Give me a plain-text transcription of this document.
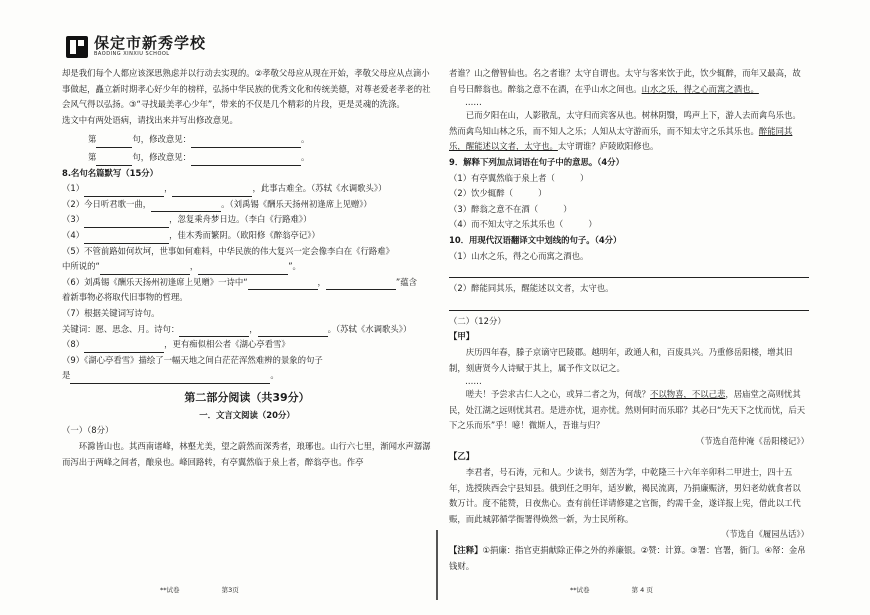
保定市新秀学校
BAODING XINXIU SCHOOL

却是我们每个人都应该深思熟虑并以行动去实现的。②孝敬父母应从现在开始，孝敬父母应从点滴小事做起，矗立新时期孝心好少年的榜样，弘扬中华民族的优秀文化和传统美德，对尊老爱老孝老的社会风气得以弘扬。③“寻找最美孝心少年”，带来的不仅是几个精彩的片段，更是灵魂的洗涤。

选文中有两处语病，请找出来并写出修改意见。

第	句，修改意见：	。

第	句，修改意见：	。

8.名句名篇默写（15分）

（1）	，	，此事古难全。（苏轼《水调歌头》）

（2）今日听君歌一曲，	。（刘禹锡《酬乐天扬州初逢席上见赠》）

（3）	，忽复乘舟梦日边。（李白《行路难》）

（4）	，佳木秀而繁阴。（欧阳修《醉翁亭记》）

（5）不管前路如何坎坷，世事如何难料，中华民族的伟大复兴一定会像李白在《行路难》

中所说的“	，	”。

（6）刘禹锡《酬乐天扬州初逢席上见赠》一诗中“	，	”蕴含

着新事物必将取代旧事物的哲理。

（7）根据关键词写诗句。

关键词：愿、思念、月。诗句：	，	。（苏轼《水调歌头》）

（8）	，更有痴似相公者《湖心亭看雪》

（9）《湖心亭看雪》描绘了一幅天地之间白茫茫浑然难辨的景象的句子

是	。

第二部分阅读（共39分）

一．文言文阅读（20分）

（一）（8分）

环滁皆山也。其西南诸峰，林壑尤美，望之蔚然而深秀者，琅琊也。山行六七里，渐闻水声潺潺而泻出于两峰之间者，酿泉也。峰回路转，有亭翼然临于泉上者，醉翁亭也。作亭

**试卷	第3页

者谁？山之僧智仙也。名之者谁？太守自谓也。太守与客来饮于此，饮少辄醉，而年又最高，故自号曰醉翁也。醉翁之意不在酒，在乎山水之间也。山水之乐，得之心而寓之酒也。

……

已而夕阳在山，人影散乱，太守归而宾客从也。树林阴翳，鸣声上下，游人去而禽鸟乐也。然而禽鸟知山林之乐，而不知人之乐；人知从太守游而乐，而不知太守之乐其乐也。醉能同其乐，醒能述以文者，太守也。太守谓谁？庐陵欧阳修也。

9．解释下列加点词语在句子中的意思。（4分）

（1）有亭翼然临于泉上者（　　　）

（2）饮少辄醉（　　　）

（3）醉翁之意不在酒（　　　）

（4）而不知太守之乐其乐也（　　　）

10．用现代汉语翻译文中划线的句子。（4分）

（1）山水之乐，得之心而寓之酒也。

（2）醉能同其乐，醒能述以文者，太守也。

（二）（12分）

【甲】

庆历四年春，滕子京谪守巴陵郡。越明年，政通人和，百废具兴。乃重修岳阳楼，增其旧制，刻唐贤今人诗赋于其上，属予作文以记之。

……

嗟夫！予尝求古仁人之心，或异二者之为，何哉？不以物喜，不以己悲，居庙堂之高则忧其民，处江湖之远则忧其君。是进亦忧，退亦忧。然则何时而乐耶？其必曰“先天下之忧而忧，后天下之乐而乐”乎！噫！微斯人，吾谁与归？

（节选自范仲淹《岳阳楼记》）

【乙】

李君者，号石涛，元和人。少读书，刻苦为学，中乾隆三十六年辛卯科二甲进士，四十五年，选授陕西会宁县知县。俄到任之明年，适岁歉，褐民流离，乃捐廉赈济，男妇老幼就食者以数万计。度不能赞，日夜焦心。查有前任详请修建之官衙，约需千金，遂详报上宪，借此以工代赈，而此城郭循学衙署得焕然一新，为士民所称。

（节选自《履园丛话》）

【注释】①捐廉：指官吏捐献除正俸之外的养廉银。②赞：计算。③署：官署，衙门。④帑：金帛钱财。

**试卷	第 4 页
